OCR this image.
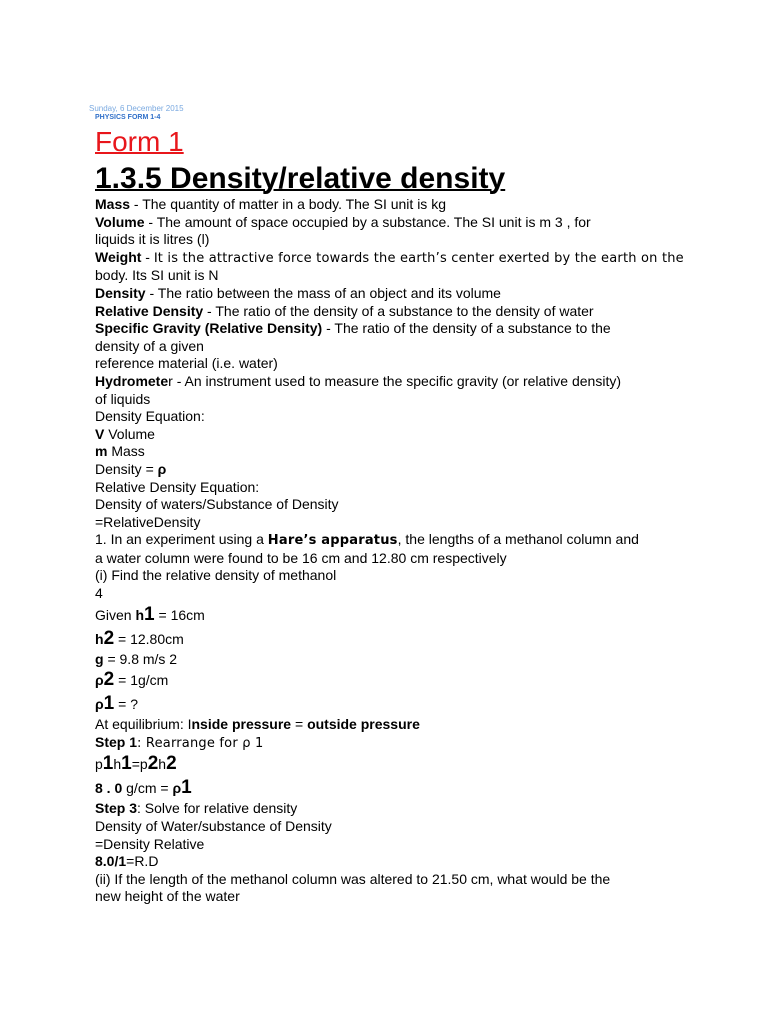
Sunday, 6 December 2015
PHYSICS FORM 1-4
Form 1
1.3.5 Density/relative density
Mass - The quantity of matter in a body. The SI unit is kg
Volume - The amount of space occupied by a substance. The SI unit is m 3 , for
liquids it is litres (l)
Weight - It is the attractive force towards the earth’s center exerted by the earth on the
body. Its SI unit is N
Density - The ratio between the mass of an object and its volume
Relative Density - The ratio of the density of a substance to the density of water
Specific Gravity (Relative Density) - The ratio of the density of a substance to the
density of a given
reference material (i.e. water)
Hydrometer - An instrument used to measure the specific gravity (or relative density)
of liquids
Density Equation:
V Volume
m Mass
Density = ρ
Relative Density Equation:
Density of waters/Substance of Density
=RelativeDensity
1. In an experiment using a Hare’s apparatus, the lengths of a methanol column and
a water column were found to be 16 cm and 12.80 cm respectively
(i) Find the relative density of methanol
4
Given h1 = 16cm
h2 = 12.80cm
g = 9.8 m/s 2
ρ2 = 1g/cm
ρ1 = ?
At equilibrium: Inside pressure = outside pressure
Step 1: Rearrange for ρ 1
p1h1=p2h2
8 . 0 g/cm = ρ1
Step 3: Solve for relative density
Density of Water/substance of Density
=Density Relative
8.0/1=R.D
(ii) If the length of the methanol column was altered to 21.50 cm, what would be the
new height of the water
